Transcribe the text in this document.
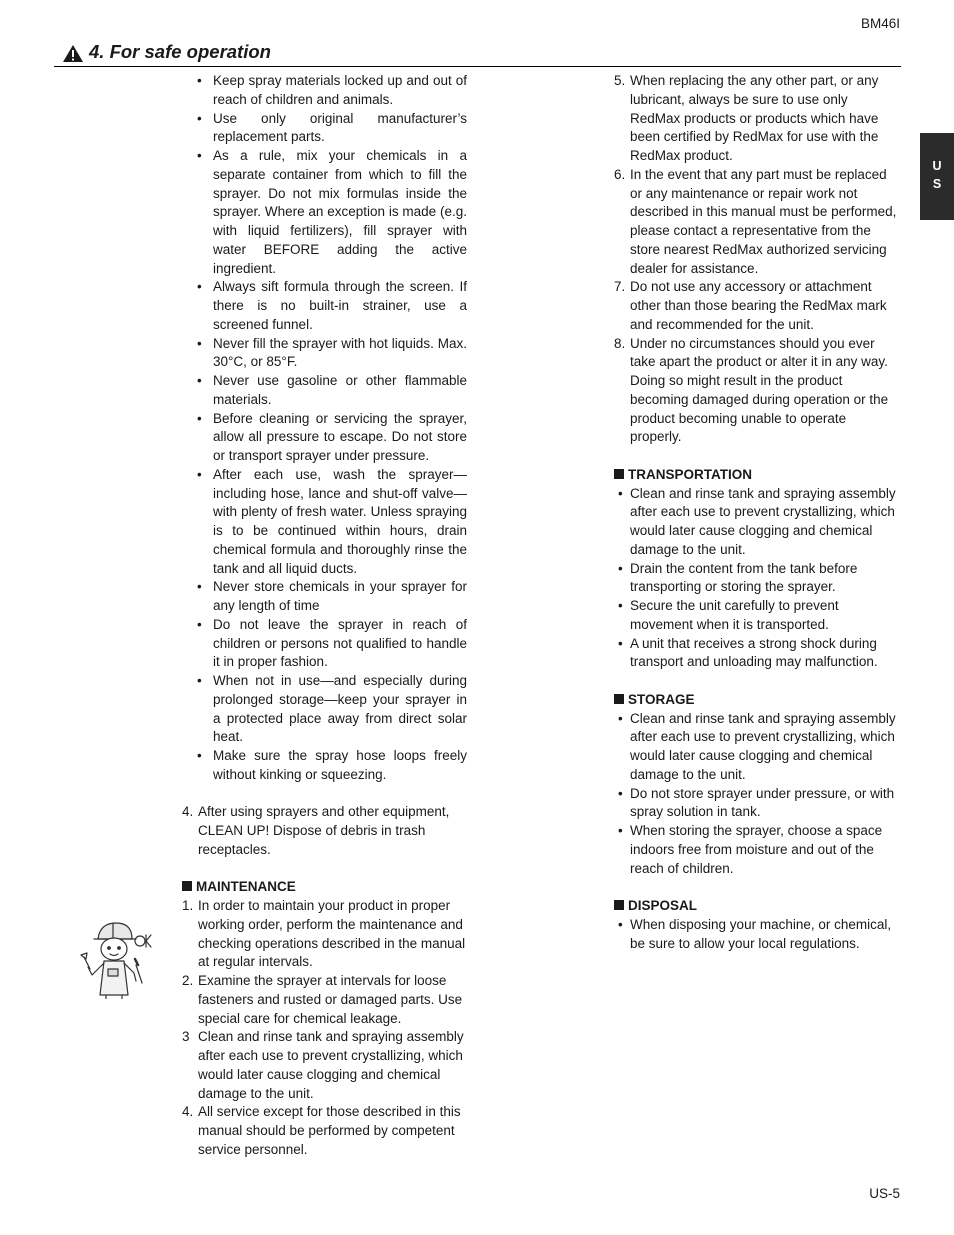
BM46I
4. For safe operation
U
S
• Keep spray materials locked up and out of reach of children and animals.
• Use only original manufacturer’s replacement parts.
• As a rule, mix your chemicals in a separate container from which to fill the sprayer. Do not mix formulas inside the sprayer. Where an exception is made (e.g. with liquid fertilizers), fill sprayer with water BEFORE adding the active ingredient.
• Always sift formula through the screen. If there is no built-in strainer, use a screened funnel.
• Never fill the sprayer with hot liquids. Max. 30°C, or 85°F.
• Never use gasoline or other flammable materials.
• Before cleaning or servicing the sprayer, allow all pressure to escape. Do not store or transport sprayer under pressure.
• After each use, wash the sprayer—including hose, lance and shut-off valve—with plenty of fresh water. Unless spraying is to be continued within hours, drain chemical formula and thoroughly rinse the tank and all liquid ducts.
• Never store chemicals in your sprayer for any length of time
• Do not leave the sprayer in reach of children or persons not qualified to handle it in proper fashion.
• When not in use—and especially during prolonged storage—keep your sprayer in a protected place away from direct solar heat.
• Make sure the spray hose loops freely without kinking or squeezing.
4. After using sprayers and other equipment, CLEAN UP! Dispose of debris in trash receptacles.

MAINTENANCE

1. In order to maintain your product in proper working order, perform the maintenance and checking operations described in the manual at regular intervals.
2. Examine the sprayer at intervals for loose fasteners and rusted or damaged parts. Use special care for chemical leakage.
3 Clean and rinse tank and spraying assembly after each use to prevent crystallizing, which would later cause clogging and chemical damage to the unit.
4. All service except for those described in this manual should be performed by competent service personnel.
5. When replacing the any other part, or any lubricant, always be sure to use only RedMax products or products which have been certified by RedMax for use with the RedMax product.
6. In the event that any part must be replaced or any maintenance or repair work not described in this manual must be performed, please contact a representative from the store nearest RedMax authorized servicing dealer for assistance.
7. Do not use any accessory or attachment other than those bearing the RedMax mark and recommended for the unit.
8. Under no circumstances should you ever take apart the product or alter it in any way. Doing so might result in the product becoming damaged during operation or the product becoming unable to operate properly.

TRANSPORTATION

• Clean and rinse tank and spraying assembly after each use to prevent crystallizing, which would later cause clogging and chemical damage to the unit.
• Drain the content from the tank before transporting or storing the sprayer.
• Secure the unit carefully to prevent movement when it is transported.
• A unit that receives a strong shock during transport and unloading may malfunction.

STORAGE

• Clean and rinse tank and spraying assembly after each use to prevent crystallizing, which would later cause clogging and chemical damage to the unit.
• Do not store sprayer under pressure, or with spray solution in tank.
• When storing the sprayer, choose a space indoors free from moisture and out of the reach of children.

DISPOSAL

• When disposing your machine, or chemical, be sure to allow your local regulations.
US-5
